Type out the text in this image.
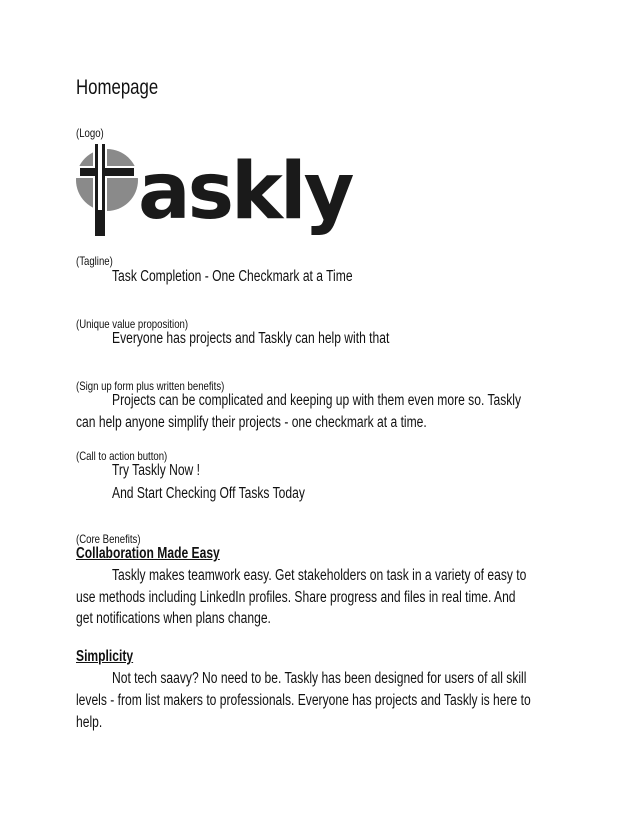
Homepage
(Logo)
askly
(Tagline)
Task Completion - One Checkmark at a Time
(Unique value proposition)
Everyone has projects and Taskly can help with that
(Sign up form plus written benefits)
Projects can be complicated and keeping up with them even more so. Taskly
can help anyone simplify their projects - one checkmark at a time.
(Call to action button)
Try Taskly Now !
And Start Checking Off Tasks Today
(Core Benefits)
Collaboration Made Easy
Taskly makes teamwork easy. Get stakeholders on task in a variety of easy to
use methods including LinkedIn profiles. Share progress and files in real time. And
get notifications when plans change.
Simplicity
Not tech saavy? No need to be. Taskly has been designed for users of all skill
levels - from list makers to professionals. Everyone has projects and Taskly is here to
help.
